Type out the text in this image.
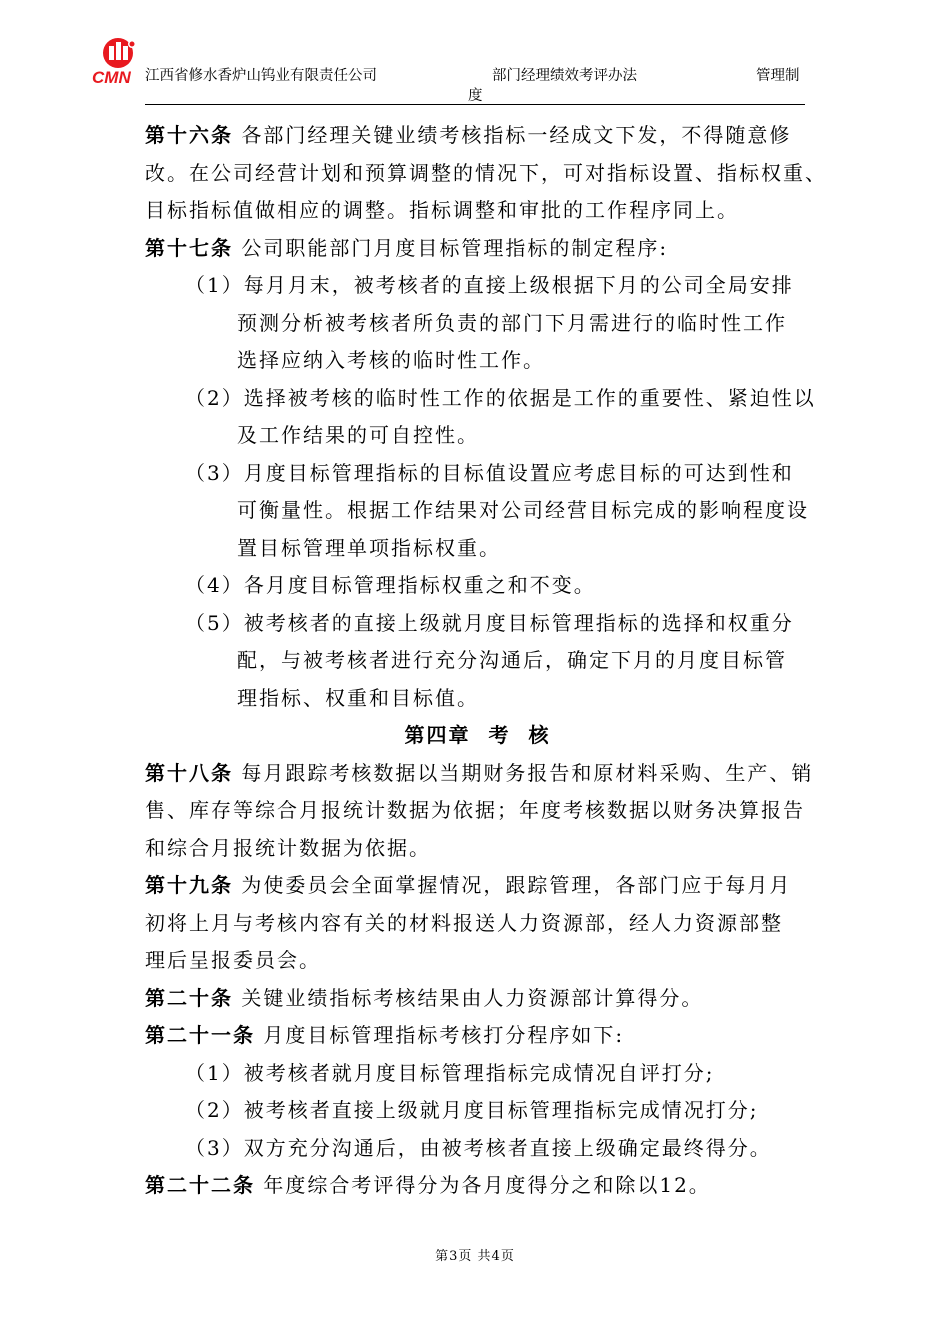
CMN 江西省修水香炉山钨业有限责任公司	部门经理绩效考评办法	管理制
度
第十六条 各部门经理关键业绩考核指标一经成文下发，不得随意修
改。在公司经营计划和预算调整的情况下，可对指标设置、指标权重、
目标指标值做相应的调整。指标调整和审批的工作程序同上。
第十七条 公司职能部门月度目标管理指标的制定程序:
（1）每月月末，被考核者的直接上级根据下月的公司全局安排
预测分析被考核者所负责的部门下月需进行的临时性工作
选择应纳入考核的临时性工作。
（2）选择被考核的临时性工作的依据是工作的重要性、紧迫性以
及工作结果的可自控性。
（3）月度目标管理指标的目标值设置应考虑目标的可达到性和
可衡量性。根据工作结果对公司经营目标完成的影响程度设
置目标管理单项指标权重。
（4）各月度目标管理指标权重之和不变。
（5）被考核者的直接上级就月度目标管理指标的选择和权重分
配，与被考核者进行充分沟通后，确定下月的月度目标管
理指标、权重和目标值。
第四章 考 核
第十八条 每月跟踪考核数据以当期财务报告和原材料采购、生产、销
售、库存等综合月报统计数据为依据；年度考核数据以财务决算报告
和综合月报统计数据为依据。
第十九条 为使委员会全面掌握情况，跟踪管理，各部门应于每月月
初将上月与考核内容有关的材料报送人力资源部，经人力资源部整
理后呈报委员会。
第二十条 关键业绩指标考核结果由人力资源部计算得分。
第二十一条 月度目标管理指标考核打分程序如下:
（1）被考核者就月度目标管理指标完成情况自评打分;
（2）被考核者直接上级就月度目标管理指标完成情况打分;
（3）双方充分沟通后，由被考核者直接上级确定最终得分。
第二十二条 年度综合考评得分为各月度得分之和除以12。
第3页 共4页
